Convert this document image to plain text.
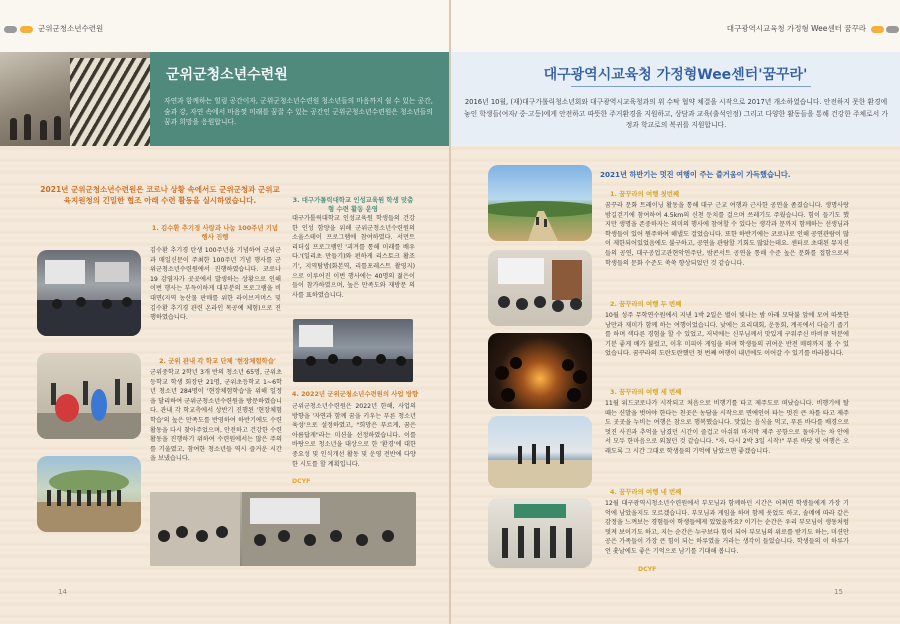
군위군청소년수련원	대구광역시교육청 가정형 Wee센터 꿈꾸라
군위군청소년수련원
자연과 함께하는 힐링 공간이자, 군위군청소년수련원 청소년들의 마음까지 쉴 수 있는 공간, 숲과 강, 자연 속에서 마음껏 미래를 꿈꿀 수 있는 공간인 군위군청소년수련원은 청소년들의 꿈과 희망을 응원합니다.
대구광역시교육청 가정형Wee센터'꿈꾸라'
2016년 10월, (재)대구가톨릭청소년회와 대구광역시교육청과의 위 수탁 협약 체결을 시작으로 2017년 개소하였습니다. 안전하지 못한 환경에 놓인 학생들(여자/ 중·고등)에게 안전하고 따뜻한 주거환경을 지원하고, 상담과 교육(출석인정) 그리고 다양한 활동들을 통해 건강한 주체로서 가정과 학교로의 복귀를 지원합니다.
2021년 군위군청소년수련원은 코로나 상황 속에서도 군위군청과 군위교육지원청의 긴밀한 협조 아래 수련 활동을 실시하였습니다.
1. 김수환 추기경 사랑과 나눔 100주년 기념 행사 진행
김수환 추기경 탄생 100주년을 기념하여 군위군과 매일신문이 주최한 100주년 기념 행사를 군위군청소년수련원에서 진행하였습니다. 코로나19 감염자가 곳곳에서 발생하는 상황으로 인해 이번 행사는 부득이하게 대부분의 프로그램을 비대면(지역 농산물 판매를 위한 라이브커머스 및 김수환 추기경 관련 온라인 목공예 체험)으로 진행하였습니다.
2. 군위 관내 각 학교 단체 '현장체험학습'
군위중학교 2학년 3개 반의 청소년 65명, 군위초등학교 학생 회장단 21명, 군위초등학교 1~6학년 청소년 284명이 '현장체험학습'을 위해 일정을 달리하여 군위군청소년수련원을 방문하였습니다. 관내 각 학교측에서 상반기 진행된 '현장체험학습'의 높은 만족도를 반영하여 하반기에도 수련활동을 다시 찾아주었으며, 안전하고 건강한 수련활동을 진행하기 위하여 수련원에서는 많은 주의를 기울였고, 참여한 청소년들 역시 즐거운 시간을 보냈습니다.
3. 대구가톨릭대학교 인성교육원 학생 맞춤형 수련 활동 운영
대구가톨릭대학교 인성교육원 학생들의 건강한 인성 함양을 위해 군위군청소년수련원의 소울스테이 프로그램에 참여하였다. 서먼트 리더십 프로그램인 '괴겨를 통해 미래를 배우다.'(일리초 만들기)와 펀하게 리스토크 활조기', 지역탐방(화본역, 리틀포레스트 촬영지)으로 이루어진 이번 행사에는 40명의 젊은이들이 참가하였으며, 높은 만족도와 재방문 의사를 표하였습니다.
4. 2022년 군위군청소년수련원의 사업 방향
군위군청소년수련원은 2022년 한해, 사업의 방향을 '자연과 함께 꿈을 키우는 푸른 청소년 육성'으로 설정하였고, "희망은 푸르게, 꿈은 아름답게"라는 미션을 선정하였습니다. 이를 바탕으로 청소년을 대상으로 한 '환경'에 대한 중요성 및 인식개선 활동 및 운영 전반에 다양한 시도를 할 계획입니다.
DCYF
2021년 하반기는 멋진 여행이 주는 즐거움이 가득했습니다.
1. 꿈꾸라의 여행 첫번째
꿈꾸라 문화 트레이닝 활동을 통해 대구 근교 여행과 근사한 공연을 좀겼습니다. 생명사랑 밤길걷기에 참여하여 4.5km의 신천 둔치를 걸으며 쓰레기도 주웠습니다. 힘이 들기도 했지만 생명을 존중하자는 의미의 행사에 참여할 수 있다는 생각과 문까지 함께하는 선생님과 학생들이 있어 뭔주하여 해낼도 걸었습니다. 또한 하반기에는 코로나로 인해 공연관람이 많이 제한되어있었음에도 불구하고, 공연을 관람할 기회도 많았는데요. 센터로 초대된 뮤지션들의 공연, 대구공업고관현악연주단, 밤콘서트 공연을 통해 수준 높은 문화를 접함으로써 학생들의 문화 수준도 쑥쑥 향상되었던 것 같습니다.
2. 꿈꾸라의 여행 두 번째
10월 성주 무학연수원에서 지낸 1박 2일은 별이 빛나는 밤 아래 모닥불 앞에 모여 따뜻한 낭만과 재미가 함께 하는 여행이었습니다. 낮에는 요리대회, 운동회, 계곡에서 다슬기 줍기를 하며 색다른 경험을 할 수 있었고, 저녁에는 신부님께서 맛있게 구워주신 바비큐 덕분에 기분 좋게 배가 불렀고, 이후 미피아 게임을 하며 학생들의 귀여운 반전 매력까지 볼 수 있었습니다. 꿈꾸라의 도란도란했던 첫 번째 여행이 내년에도 이어갈 수 있기를 바라봅니다.
3. 꿈꾸라의 여행 세 번째
11월 위드코로나가 시작되고 처음으로 비행기를 타고 제주도로 떠났습니다. 비행기에 탈 때는 신발을 벗어야 한다는 친곳은 농담을 시작으로 면에인이 타는 멋진 큰 차를 타고 제주도 곳곳을 누비는 여행은 참으로 행복했습니다. 맛있는 음식을 먹고, 푸른 바다를 배경으로 멋진 사진과 추억을 남겼던 시간이 즐겁고 아쉬워 마지막 제주 공항으로 돌아가는 차 안에서 모두 한마음으로 외쳤던 것 같습니다. "자, 다시 2박 3일 시작!" 푸른 바닷 빛 여행은 오래도록 그 시간 그대로 학생들의 기억에 남았으면 좋겠습니다.
4. 꿈꾸라의 여행 네 번째
12월 대구광역시청소년수련원에서 부모님과 함께하던 시간은 어쩌면 학생들에게 가장 기억에 남았을지도 모르겠습니다. 부모님과 게임을 하며 함께 웃었도 하고, 솔메에 따라 같은 감정을 느껴보는 경험들이 학생들에게 있었을까요? 이기는 순간은 우리 부모님이 생동처럼 멋져 보이기도 하고, 지는 순간은 누구보다 힘이 되어 부모님의 위로를 받기도 하는, 미션안공은 가족들이 가장 큰 힘이 되는 하루였을 거라는 생각이 들었습니다. 학생들의 이 하루가 언 훗날에도 좋은 기억으로 남기를 기대해 봅니다.
DCYF
14	15
